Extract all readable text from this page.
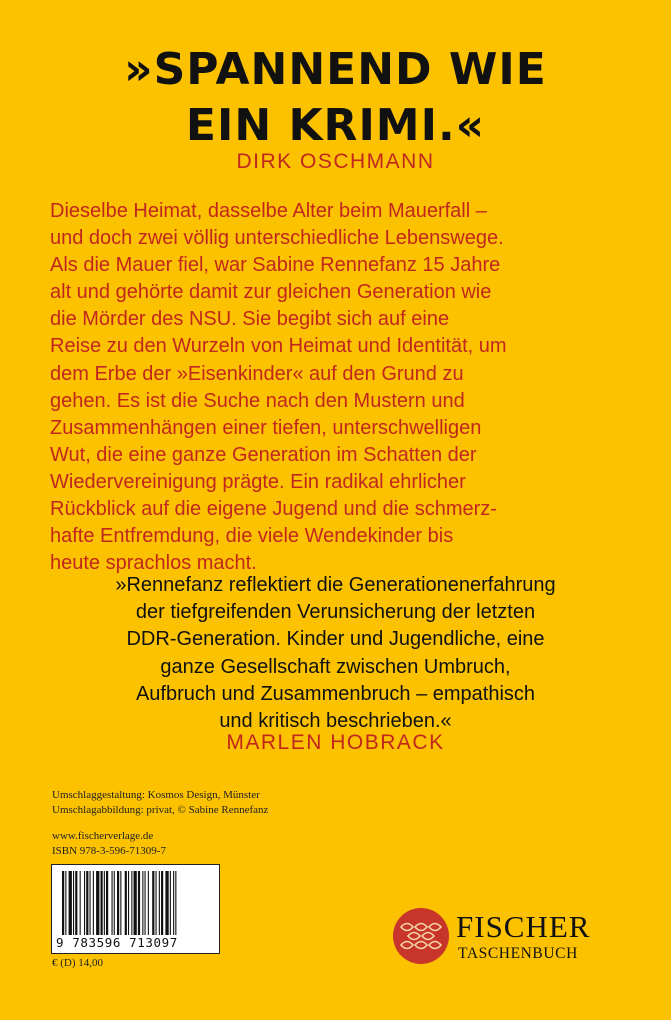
»SPANNEND WIE
EIN KRIMI.«
DIRK OSCHMANN
Dieselbe Heimat, dasselbe Alter beim Mauerfall –
und doch zwei völlig unterschiedliche Lebenswege.
Als die Mauer fiel, war Sabine Rennefanz 15 Jahre
alt und gehörte damit zur gleichen Generation wie
die Mörder des NSU. Sie begibt sich auf eine
Reise zu den Wurzeln von Heimat und Identität, um
dem Erbe der »Eisenkinder« auf den Grund zu
gehen. Es ist die Suche nach den Mustern und
Zusammenhängen einer tiefen, unterschwelligen
Wut, die eine ganze Generation im Schatten der
Wiedervereinigung prägte. Ein radikal ehrlicher
Rückblick auf die eigene Jugend und die schmerz-
hafte Entfremdung, die viele Wendekinder bis
heute sprachlos macht.
»Rennefanz reflektiert die Generationenerfahrung
der tiefgreifenden Verunsicherung der letzten
DDR-Generation. Kinder und Jugendliche, eine
ganze Gesellschaft zwischen Umbruch,
Aufbruch und Zusammenbruch – empathisch
und kritisch beschrieben.«
MARLEN HOBRACK
Umschlaggestaltung: Kosmos Design, Münster
Umschlagabbildung: privat, © Sabine Rennefanz
www.fischerverlage.de
ISBN 978-3-596-71309-7
9 783596 713097
€ (D) 14,00
FISCHER
TASCHENBUCH
